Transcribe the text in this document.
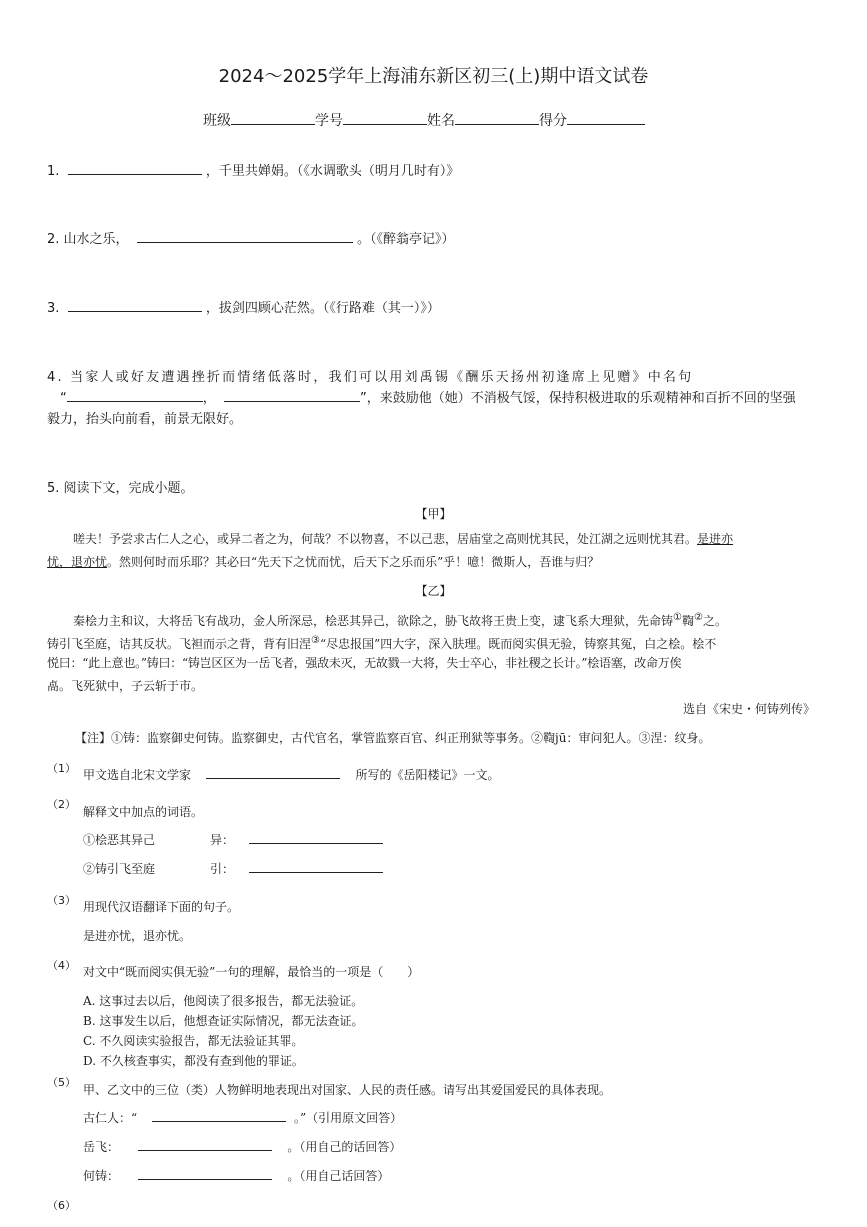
2024～2025学年上海浦东新区初三(上)期中语文试卷
班级	学号	姓名	得分
1.	，千里共婵娟。（《水调歌头（明月几时有）》
2. 山水之乐，	。（《醉翁亭记》）
3.	，拔剑四顾心茫然。（《行路难（其一）》）
4. 当家人或好友遭遇挫折而情绪低落时，我们可以用刘禹锡《酬乐天扬州初逢席上见赠》中名句
“	，	”，来鼓励他（她）不消极气馁，保持积极进取的乐观精神和百折不回的坚强
毅力，抬头向前看，前景无限好。
5. 阅读下文，完成小题。
【甲】
嗟夫！予尝求古仁人之心，或异二者之为，何哉？不以物喜，不以己悲，居庙堂之高则忧其民，处江湖之远则忧其君。是进亦
忧，退亦忧。然则何时而乐耶？其必曰“先天下之忧而忧，后天下之乐而乐”乎！噫！微斯人，吾谁与归？
【乙】
秦桧力主和议，大将岳飞有战功，金人所深忌，桧恶其异己，欲除之，胁飞故将王贵上变，逮飞系大理狱，先命铸①鞫②之。
铸引飞至庭，诘其反状。飞袒而示之背，背有旧涅③“尽忠报国”四大字，深入肤理。既而阅实俱无验，铸察其冤，白之桧。桧不
悦曰：“此上意也。”铸曰：“铸岂区区为一岳飞者，强敌未灭，无故戮一大将，失士卒心，非社稷之长计。”桧语塞，改命万俟
卨。飞死狱中，子云斩于市。
选自《宋史・何铸列传》
【注】①铸：监察御史何铸。监察御史，古代官名，掌管监察百官、纠正刑狱等事务。②鞫jū：审问犯人。③涅：纹身。
（1） 甲文选自北宋文学家	所写的《岳阳楼记》一文。
（2）
解释文中加点的词语。
①桧恶其异己	异：
②铸引飞至庭	引：
（3） 用现代汉语翻译下面的句子。
是进亦忧，退亦忧。
（4） 对文中“既而阅实俱无验”一句的理解，最恰当的一项是（　　）
A. 这事过去以后，他阅读了很多报告，都无法验证。
B. 这事发生以后，他想查证实际情况，都无法查证。
C. 不久阅读实验报告，都无法验证其罪。
D. 不久核查事实，都没有查到他的罪证。
（5）
甲、乙文中的三位（类）人物鲜明地表现出对国家、人民的责任感。请写出其爱国爱民的具体表现。
古仁人：“	。”（引用原文回答）
岳飞：	。（用自己的话回答）
何铸：	。（用自己话回答）
（6）
